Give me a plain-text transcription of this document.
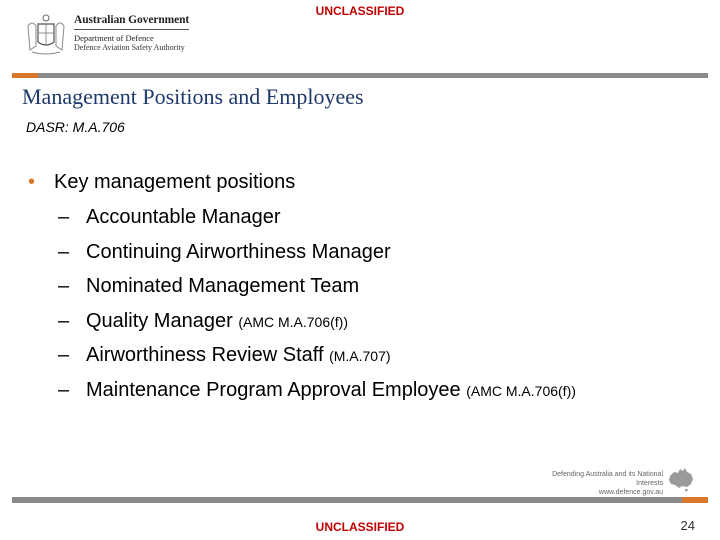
UNCLASSIFIED
Australian Government
Department of Defence
Defence Aviation Safety Authority
Management Positions and Employees
DASR: M.A.706
• Key management positions
– Accountable Manager
– Continuing Airworthiness Manager
– Nominated Management Team
– Quality Manager (AMC M.A.706(f))
– Airworthiness Review Staff (M.A.707)
– Maintenance Program Approval Employee (AMC M.A.706(f))
Defending Australia and its National Interests
www.defence.gov.au
UNCLASSIFIED	24
